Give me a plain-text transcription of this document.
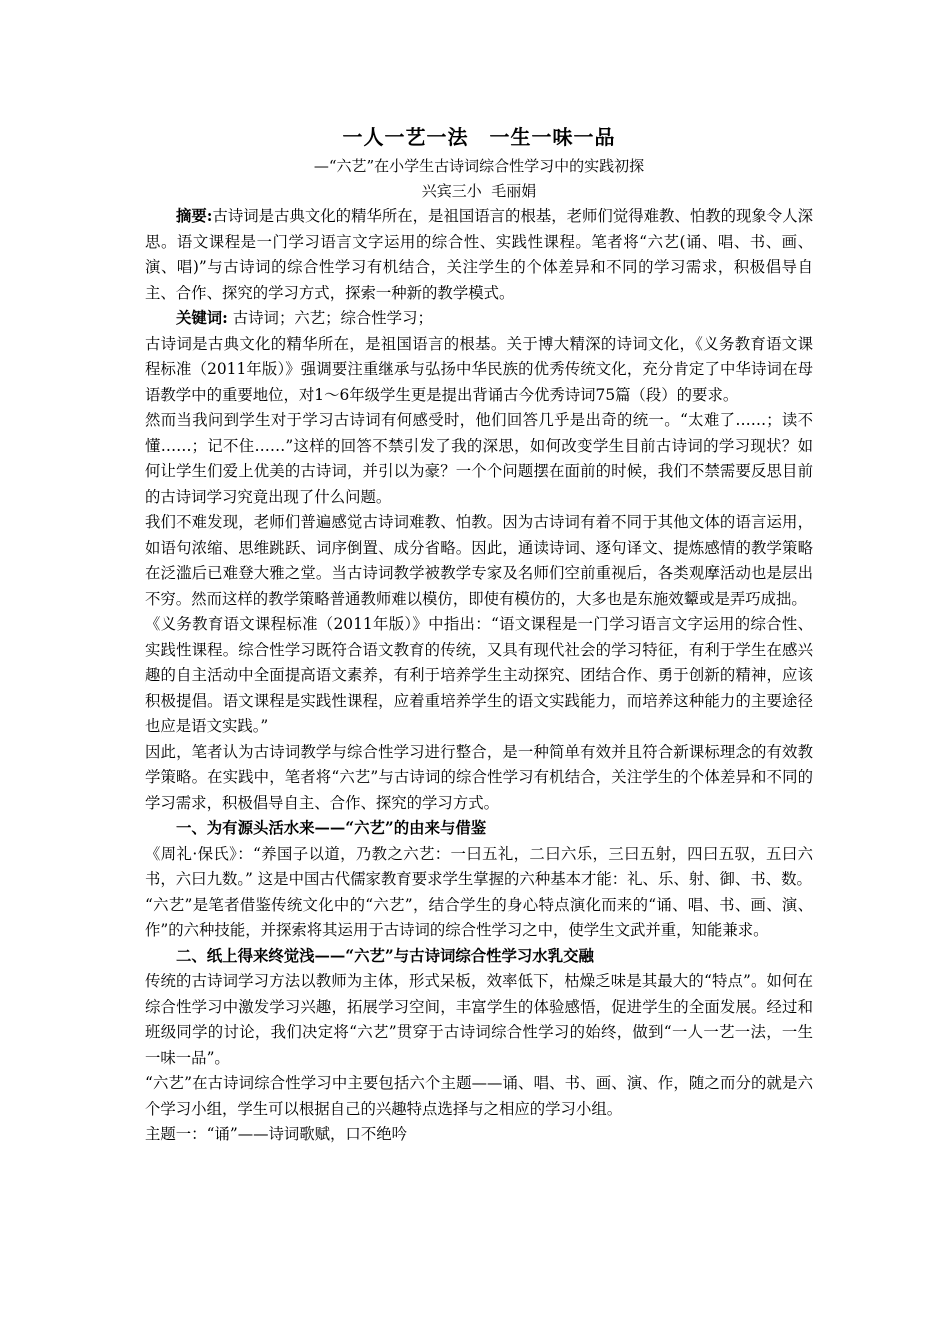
一人一艺一法　一生一味一品
—“六艺”在小学生古诗词综合性学习中的实践初探
兴宾三小  毛丽娟

摘要:古诗词是古典文化的精华所在，是祖国语言的根基，老师们觉得难教、怕教的现象令人深思。语文课程是一门学习语言文字运用的综合性、实践性课程。笔者将“六艺(诵、唱、书、画、演、唱)”与古诗词的综合性学习有机结合，关注学生的个体差异和不同的学习需求，积极倡导自主、合作、探究的学习方式，探索一种新的教学模式。

关键词: 古诗词；六艺；综合性学习；

古诗词是古典文化的精华所在，是祖国语言的根基。关于博大精深的诗词文化，《义务教育语文课程标准（2011年版）》强调要注重继承与弘扬中华民族的优秀传统文化，充分肯定了中华诗词在母语教学中的重要地位，对1～6年级学生更是提出背诵古今优秀诗词75篇（段）的要求。

然而当我问到学生对于学习古诗词有何感受时，他们回答几乎是出奇的统一。“太难了……；读不懂……；记不住……”这样的回答不禁引发了我的深思，如何改变学生目前古诗词的学习现状？如何让学生们爱上优美的古诗词，并引以为豪？一个个问题摆在面前的时候，我们不禁需要反思目前的古诗词学习究竟出现了什么问题。

我们不难发现，老师们普遍感觉古诗词难教、怕教。因为古诗词有着不同于其他文体的语言运用，如语句浓缩、思维跳跃、词序倒置、成分省略。因此，通读诗词、逐句译文、提炼感情的教学策略在泛滥后已难登大雅之堂。当古诗词教学被教学专家及名师们空前重视后，各类观摩活动也是层出不穷。然而这样的教学策略普通教师难以模仿，即使有模仿的，大多也是东施效颦或是弄巧成拙。

《义务教育语文课程标准（2011年版）》中指出：“语文课程是一门学习语言文字运用的综合性、实践性课程。综合性学习既符合语文教育的传统，又具有现代社会的学习特征，有利于学生在感兴趣的自主活动中全面提高语文素养，有利于培养学生主动探究、团结合作、勇于创新的精神，应该积极提倡。语文课程是实践性课程，应着重培养学生的语文实践能力，而培养这种能力的主要途径也应是语文实践。”

因此，笔者认为古诗词教学与综合性学习进行整合，是一种简单有效并且符合新课标理念的有效教学策略。在实践中，笔者将“六艺”与古诗词的综合性学习有机结合，关注学生的个体差异和不同的学习需求，积极倡导自主、合作、探究的学习方式。

一、为有源头活水来——“六艺”的由来与借鉴

《周礼·保氏》：“养国子以道，乃教之六艺：一曰五礼，二曰六乐，三曰五射，四曰五驭，五曰六书，六曰九数。” 这是中国古代儒家教育要求学生掌握的六种基本才能：礼、乐、射、御、书、数。

“六艺”是笔者借鉴传统文化中的“六艺”，结合学生的身心特点演化而来的“诵、唱、书、画、演、作”的六种技能，并探索将其运用于古诗词的综合性学习之中，使学生文武并重，知能兼求。

二、纸上得来终觉浅——“六艺”与古诗词综合性学习水乳交融

传统的古诗词学习方法以教师为主体，形式呆板，效率低下，枯燥乏味是其最大的“特点”。如何在综合性学习中激发学习兴趣，拓展学习空间，丰富学生的体验感悟，促进学生的全面发展。经过和班级同学的讨论，我们决定将“六艺”贯穿于古诗词综合性学习的始终，做到“一人一艺一法，一生一味一品”。

“六艺”在古诗词综合性学习中主要包括六个主题——诵、唱、书、画、演、作，随之而分的就是六个学习小组，学生可以根据自己的兴趣特点选择与之相应的学习小组。

主题一：“诵”——诗词歌赋，口不绝吟
